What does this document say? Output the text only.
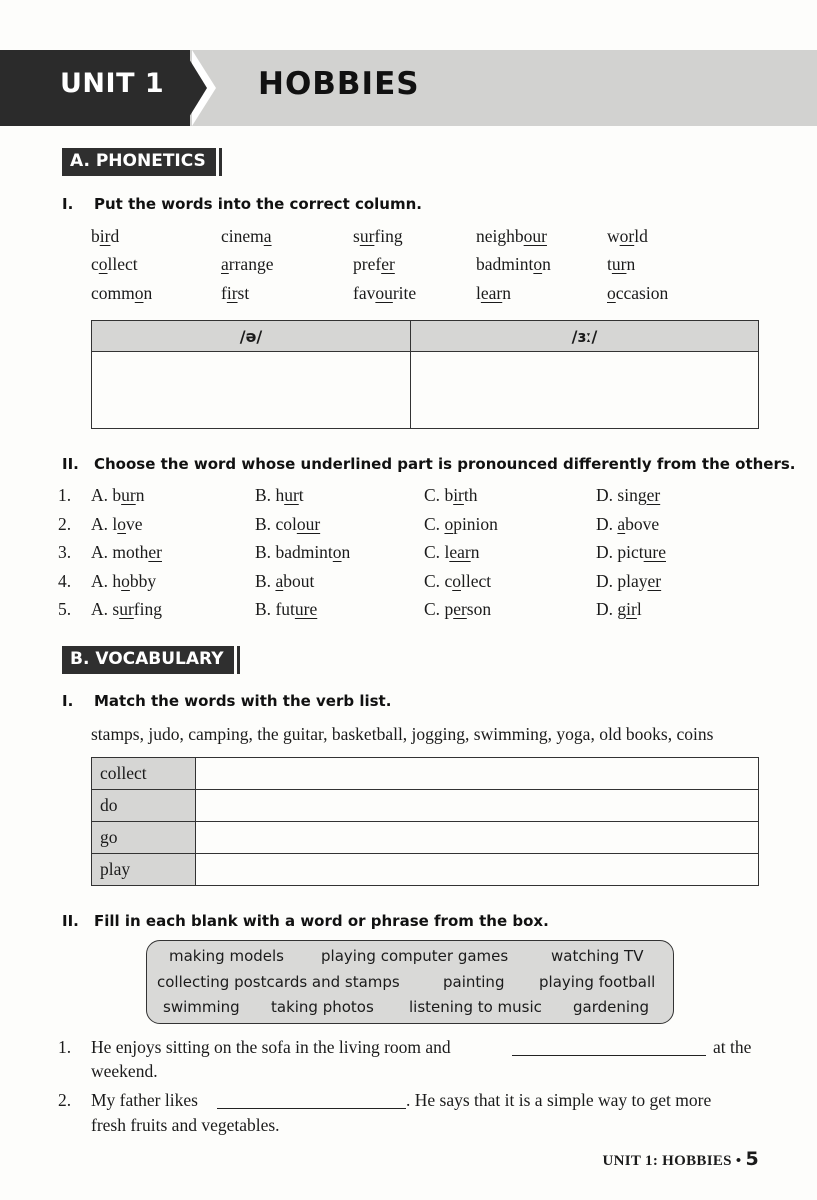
UNIT 1	HOBBIES
A. PHONETICS
I. Put the words into the correct column.
bird	cinema	surfing	neighbour	world
collect	arrange	prefer	badminton	turn
common	first	favourite	learn	occasion
/ə/	/ɜː/

II. Choose the word whose underlined part is pronounced differently from the others.
1. A. burn	B. hurt	C. birth	D. singer
2. A. love	B. colour	C. opinion	D. above
3. A. mother	B. badminton	C. learn	D. picture
4. A. hobby	B. about	C. collect	D. player
5. A. surfing	B. future	C. person	D. girl
B. VOCABULARY
I. Match the words with the verb list.
stamps, judo, camping, the guitar, basketball, jogging, swimming, yoga, old books, coins
collect	
do	
go	
play	
II. Fill in each blank with a word or phrase from the box.
making models playing computer games	watching TV
collecting postcards and stamps	painting playing football
swimming taking photos listening to music gardening
1. He enjoys sitting on the sofa in the living room and	at the
weekend.
2. My father likes	. He says that it is a simple way to get more
fresh fruits and vegetables.
UNIT 1: HOBBIES • 5
